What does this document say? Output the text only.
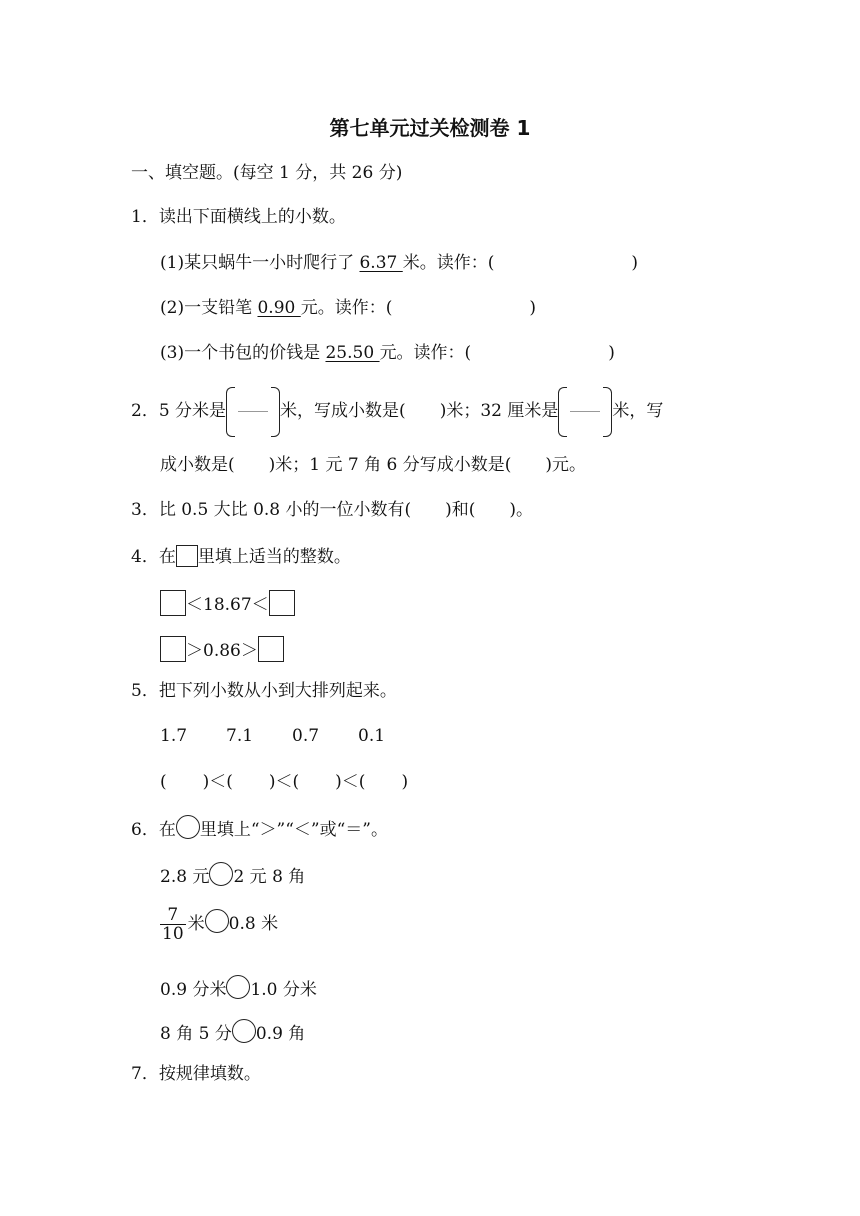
第七单元过关检测卷 1
一、填空题。(每空 1 分，共 26 分)
1．读出下面横线上的小数。
(1)某只蜗牛一小时爬行了 6.37 米。读作：(	)
(2)一支铅笔 0.90 元。读作：(	)
(3)一个书包的价钱是 25.50 元。读作：(	)
2．5 分米是	米，写成小数是( )米；32 厘米是	米，写
成小数是( )米；1 元 7 角 6 分写成小数是( )元。
3．比 0.5 大比 0.8 小的一位小数有( )和( )。
4．在 里填上适当的整数。
＜18.67＜
＞0.86＞
5．把下列小数从小到大排列起来。
1.7 7.1 0.7 0.1
( )＜( )＜( )＜( )
6．在 里填上“＞”“＜”或“＝”。
2.8 元 2 元 8 角
$\frac{7}{10}$ 米 0.8 米
0.9 分米 1.0 分米
8 角 5 分 0.9 角
7．按规律填数。
